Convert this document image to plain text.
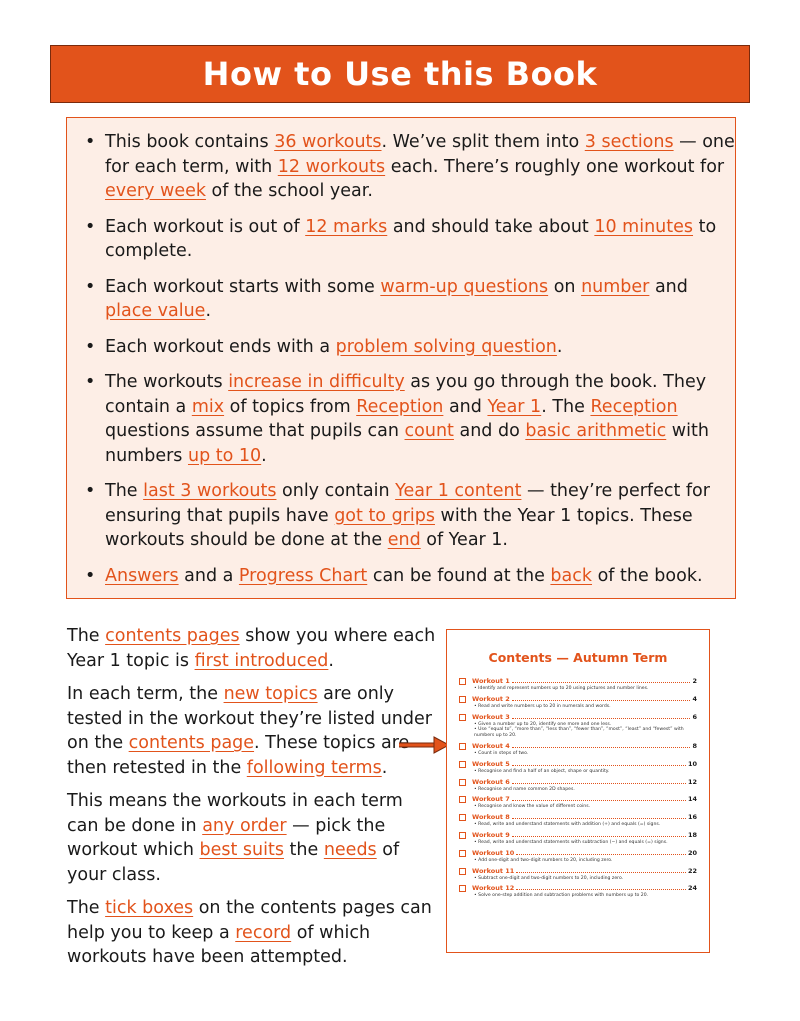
How to Use this Book
• This book contains 36 workouts. We’ve split them into 3 sections — one for each term, with 12 workouts each. There’s roughly one workout for every week of the school year.
• Each workout is out of 12 marks and should take about 10 minutes to complete.
• Each workout starts with some warm-up questions on number and place value.
• Each workout ends with a problem solving question.
• The workouts increase in difficulty as you go through the book. They contain a mix of topics from Reception and Year 1. The Reception questions assume that pupils can count and do basic arithmetic with numbers up to 10.
• The last 3 workouts only contain Year 1 content — they’re perfect for ensuring that pupils have got to grips with the Year 1 topics. These workouts should be done at the end of Year 1.
• Answers and a Progress Chart can be found at the back of the book.

The contents pages show you where each Year 1 topic is first introduced.

In each term, the new topics are only tested in the workout they’re listed under on the contents page. These topics are then retested in the following terms.

This means the workouts in each term can be done in any order — pick the workout which best suits the needs of your class.

The tick boxes on the contents pages can help you to keep a record of which workouts have been attempted.

Contents — Autumn Term
Workout 1	2
• Identify and represent numbers up to 20 using pictures and number lines.
Workout 2	4
• Read and write numbers up to 20 in numerals and words.
Workout 3	6
• Given a number up to 20, identify one more and one less.
• Use “equal to”, “more than”, “less than”, “fewer than”, “most”, “least” and “fewest” with numbers up to 20.
Workout 4	8
• Count in steps of two.
Workout 5	10
• Recognise and find a half of an object, shape or quantity.
Workout 6	12
• Recognise and name common 2D shapes.
Workout 7	14
• Recognise and know the value of different coins.
Workout 8	16
• Read, write and understand statements with addition (+) and equals (=) signs.
Workout 9	18
• Read, write and understand statements with subtraction (−) and equals (=) signs.
Workout 10	20
• Add one-digit and two-digit numbers to 20, including zero.
Workout 11	22
• Subtract one-digit and two-digit numbers to 20, including zero.
Workout 12	24
• Solve one-step addition and subtraction problems with numbers up to 20.
